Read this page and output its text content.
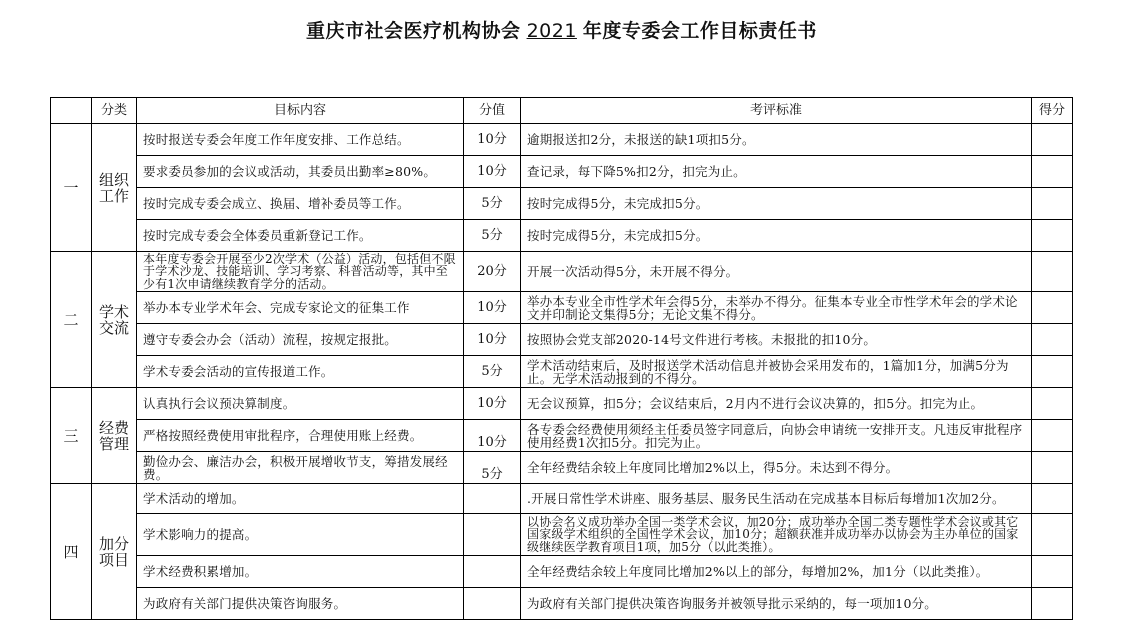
重庆市社会医疗机构协会 2021 年度专委会工作目标责任书
	分类	目标内容	分值	考评标准	得分
一	组织工作	按时报送专委会年度工作年度安排、工作总结。	10分	逾期报送扣2分，未报送的缺1项扣5分。	
		要求委员参加的会议或活动，其委员出勤率≥80%。	10分	查记录，每下降5%扣2分，扣完为止。	
		按时完成专委会成立、换届、增补委员等工作。	5分	按时完成得5分，未完成扣5分。	
		按时完成专委会全体委员重新登记工作。	5分	按时完成得5分，未完成扣5分。	
二	学术交流	本年度专委会开展至少2次学术（公益）活动，包括但不限于学术沙龙、技能培训、学习考察、科普活动等，其中至少有1次申请继续教育学分的活动。	20分	开展一次活动得5分，未开展不得分。	
		举办本专业学术年会、完成专家论文的征集工作	10分	举办本专业全市性学术年会得5分，未举办不得分。征集本专业全市性学术年会的学术论文并印制论文集得5分；无论文集不得分。	
		遵守专委会办会（活动）流程，按规定报批。	10分	按照协会党支部2020-14号文件进行考核。未报批的扣10分。	
		学术专委会活动的宣传报道工作。	5分	学术活动结束后，及时报送学术活动信息并被协会采用发布的，1篇加1分，加满5分为止。无学术活动报到的不得分。	
三	经费管理	认真执行会议预决算制度。	10分	无会议预算，扣5分；会议结束后，2月内不进行会议决算的，扣5分。扣完为止。	
		严格按照经费使用审批程序，合理使用账上经费。	10分	各专委会经费使用须经主任委员签字同意后，向协会申请统一安排开支。凡违反审批程序使用经费1次扣5分。扣完为止。	
		勤俭办会、廉洁办会，积极开展增收节支，筹措发展经费。	5分	全年经费结余较上年度同比增加2%以上，得5分。未达到不得分。	
四	加分项目	学术活动的增加。		.开展日常性学术讲座、服务基层、服务民生活动在完成基本目标后每增加1次加2分。	
		学术影响力的提高。		以协会名义成功举办全国一类学术会议，加20分；成功举办全国二类专题性学术会议或其它国家级学术组织的全国性学术会议，加10分；超额获准并成功举办以协会为主办单位的国家级继续医学教育项目1项，加5分（以此类推）。	
		学术经费积累增加。		全年经费结余较上年度同比增加2%以上的部分，每增加2%，加1分（以此类推）。	
		为政府有关部门提供决策咨询服务。		为政府有关部门提供决策咨询服务并被领导批示采纳的，每一项加10分。	
